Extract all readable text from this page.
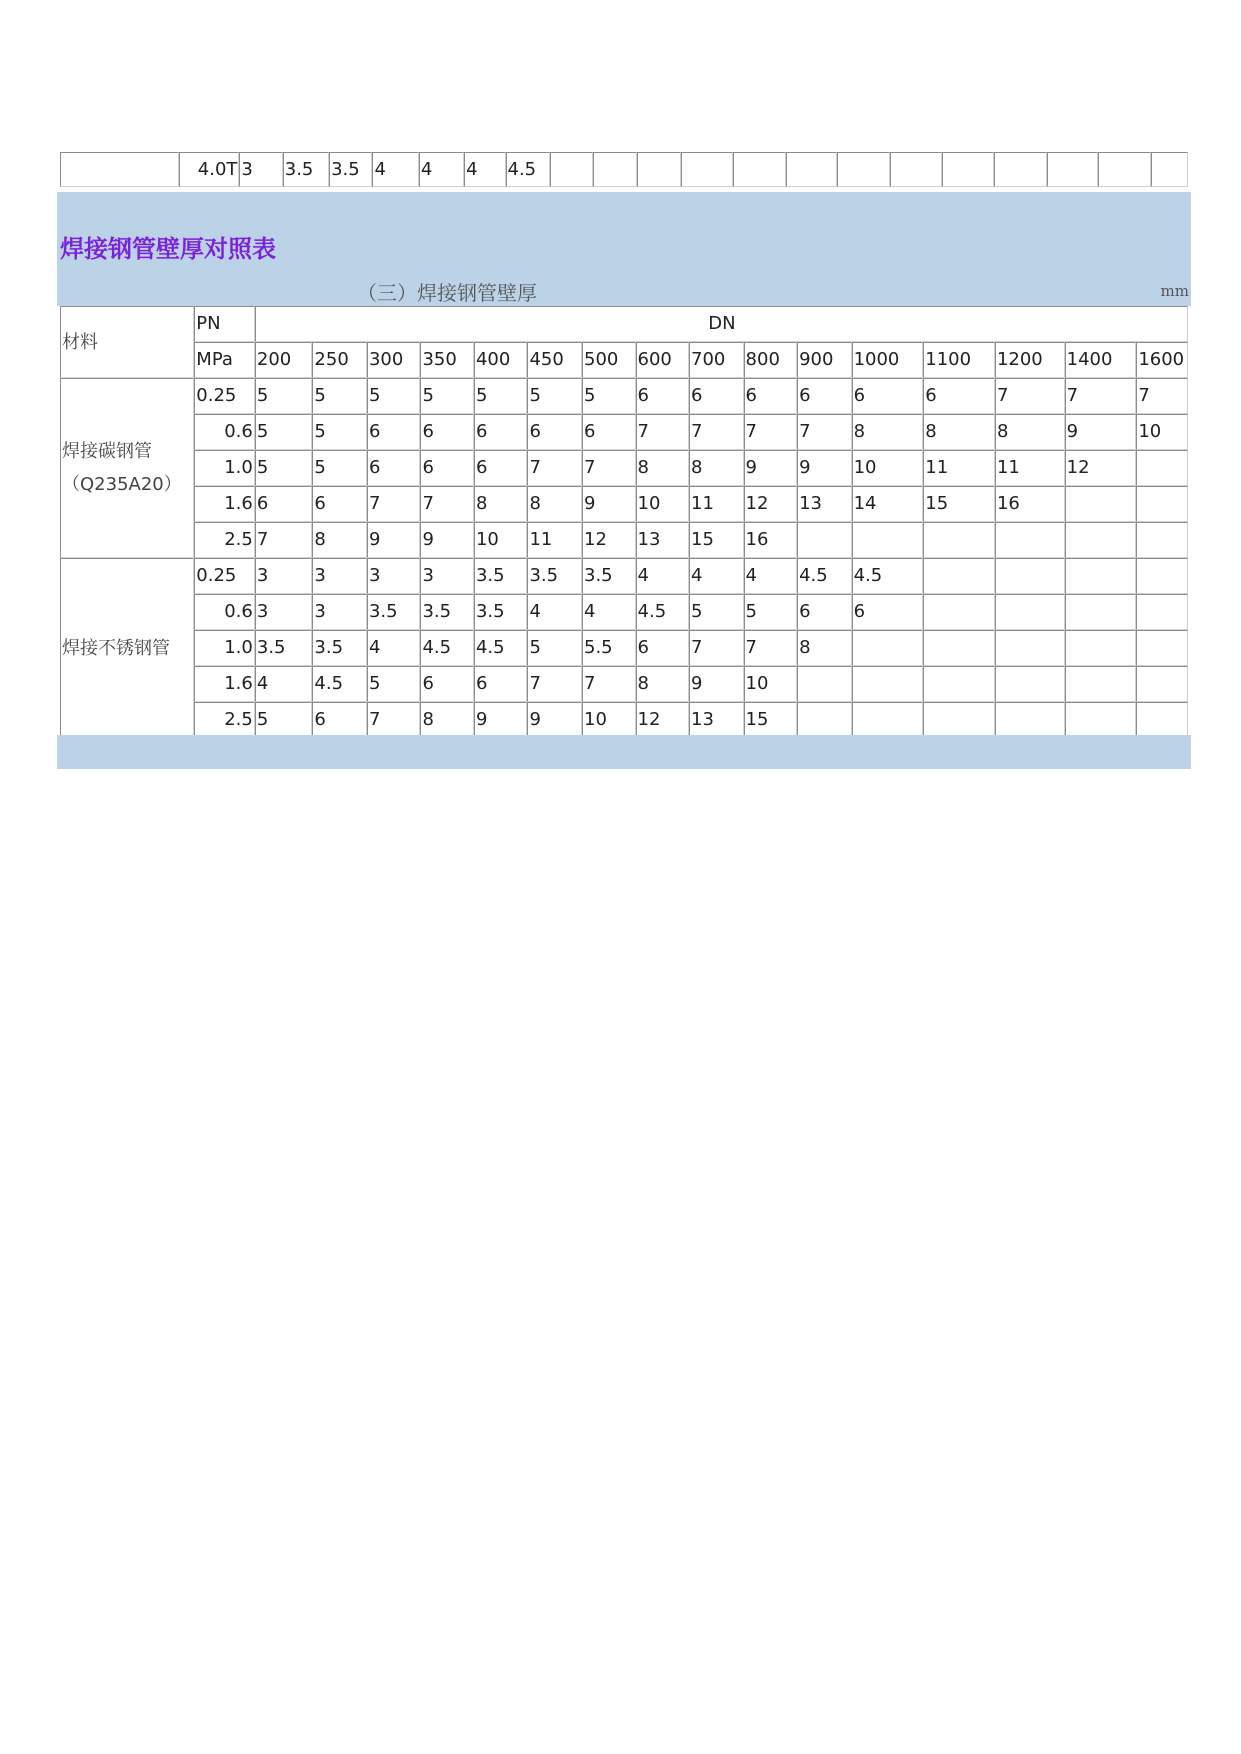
	4.0T	3	3.5	3.5	4	4	4	4.5													
焊接钢管壁厚对照表
（三）焊接钢管壁厚	mm
材料	PN	DN															
	MPa	200	250	300	350	400	450	500	600	700	800	900	1000	1100	1200	1400	1600

焊接碳钢管
（Q235A20）	0.25	5	5	5	5	5	5	5	6	6	6	6	6	6	7	7	7
	0.6	5	5	6	6	6	6	6	7	7	7	7	8	8	8	9	10
	1.0	5	5	6	6	6	7	7	8	8	9	9	10	11	11	12	
	1.6	6	6	7	7	8	8	9	10	11	12	13	14	15	16		
	2.5	7	8	9	9	10	11	12	13	15	16						

焊接不锈钢管	0.25	3	3	3	3	3.5	3.5	3.5	4	4	4	4.5	4.5				
	0.6	3	3	3.5	3.5	3.5	4	4	4.5	5	5	6	6				
	1.0	3.5	3.5	4	4.5	4.5	5	5.5	6	7	7	8					
	1.6	4	4.5	5	6	6	7	7	8	9	10						
	2.5	5	6	7	8	9	9	10	12	13	15						
